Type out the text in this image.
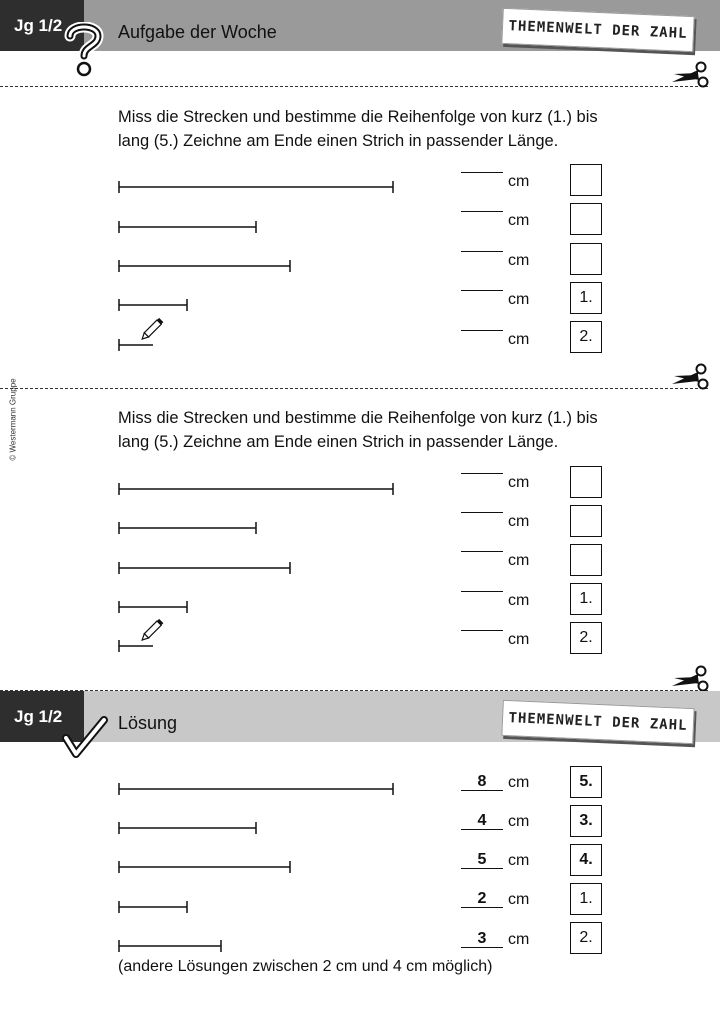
Jg 1/2	Aufgabe der Woche	THEMENWELT DER ZAHL
Miss die Strecken und bestimme die Reihenfolge von kurz (1.) bis
lang (5.) Zeichne am Ende einen Strich in passender Länge.
cm
cm
cm
cm	1.
cm	2.
© Westermann Gruppe	Miss die Strecken und bestimme die Reihenfolge von kurz (1.) bis
lang (5.) Zeichne am Ende einen Strich in passender Länge.
cm
cm
cm
cm	1.
cm	2.
Jg 1/2	Lösung	THEMENWELT DER ZAHL
8	cm	5.
4	cm	3.
5	cm	4.
2	cm	1.
3	cm	2.
(andere Lösungen zwischen 2 cm und 4 cm möglich)
